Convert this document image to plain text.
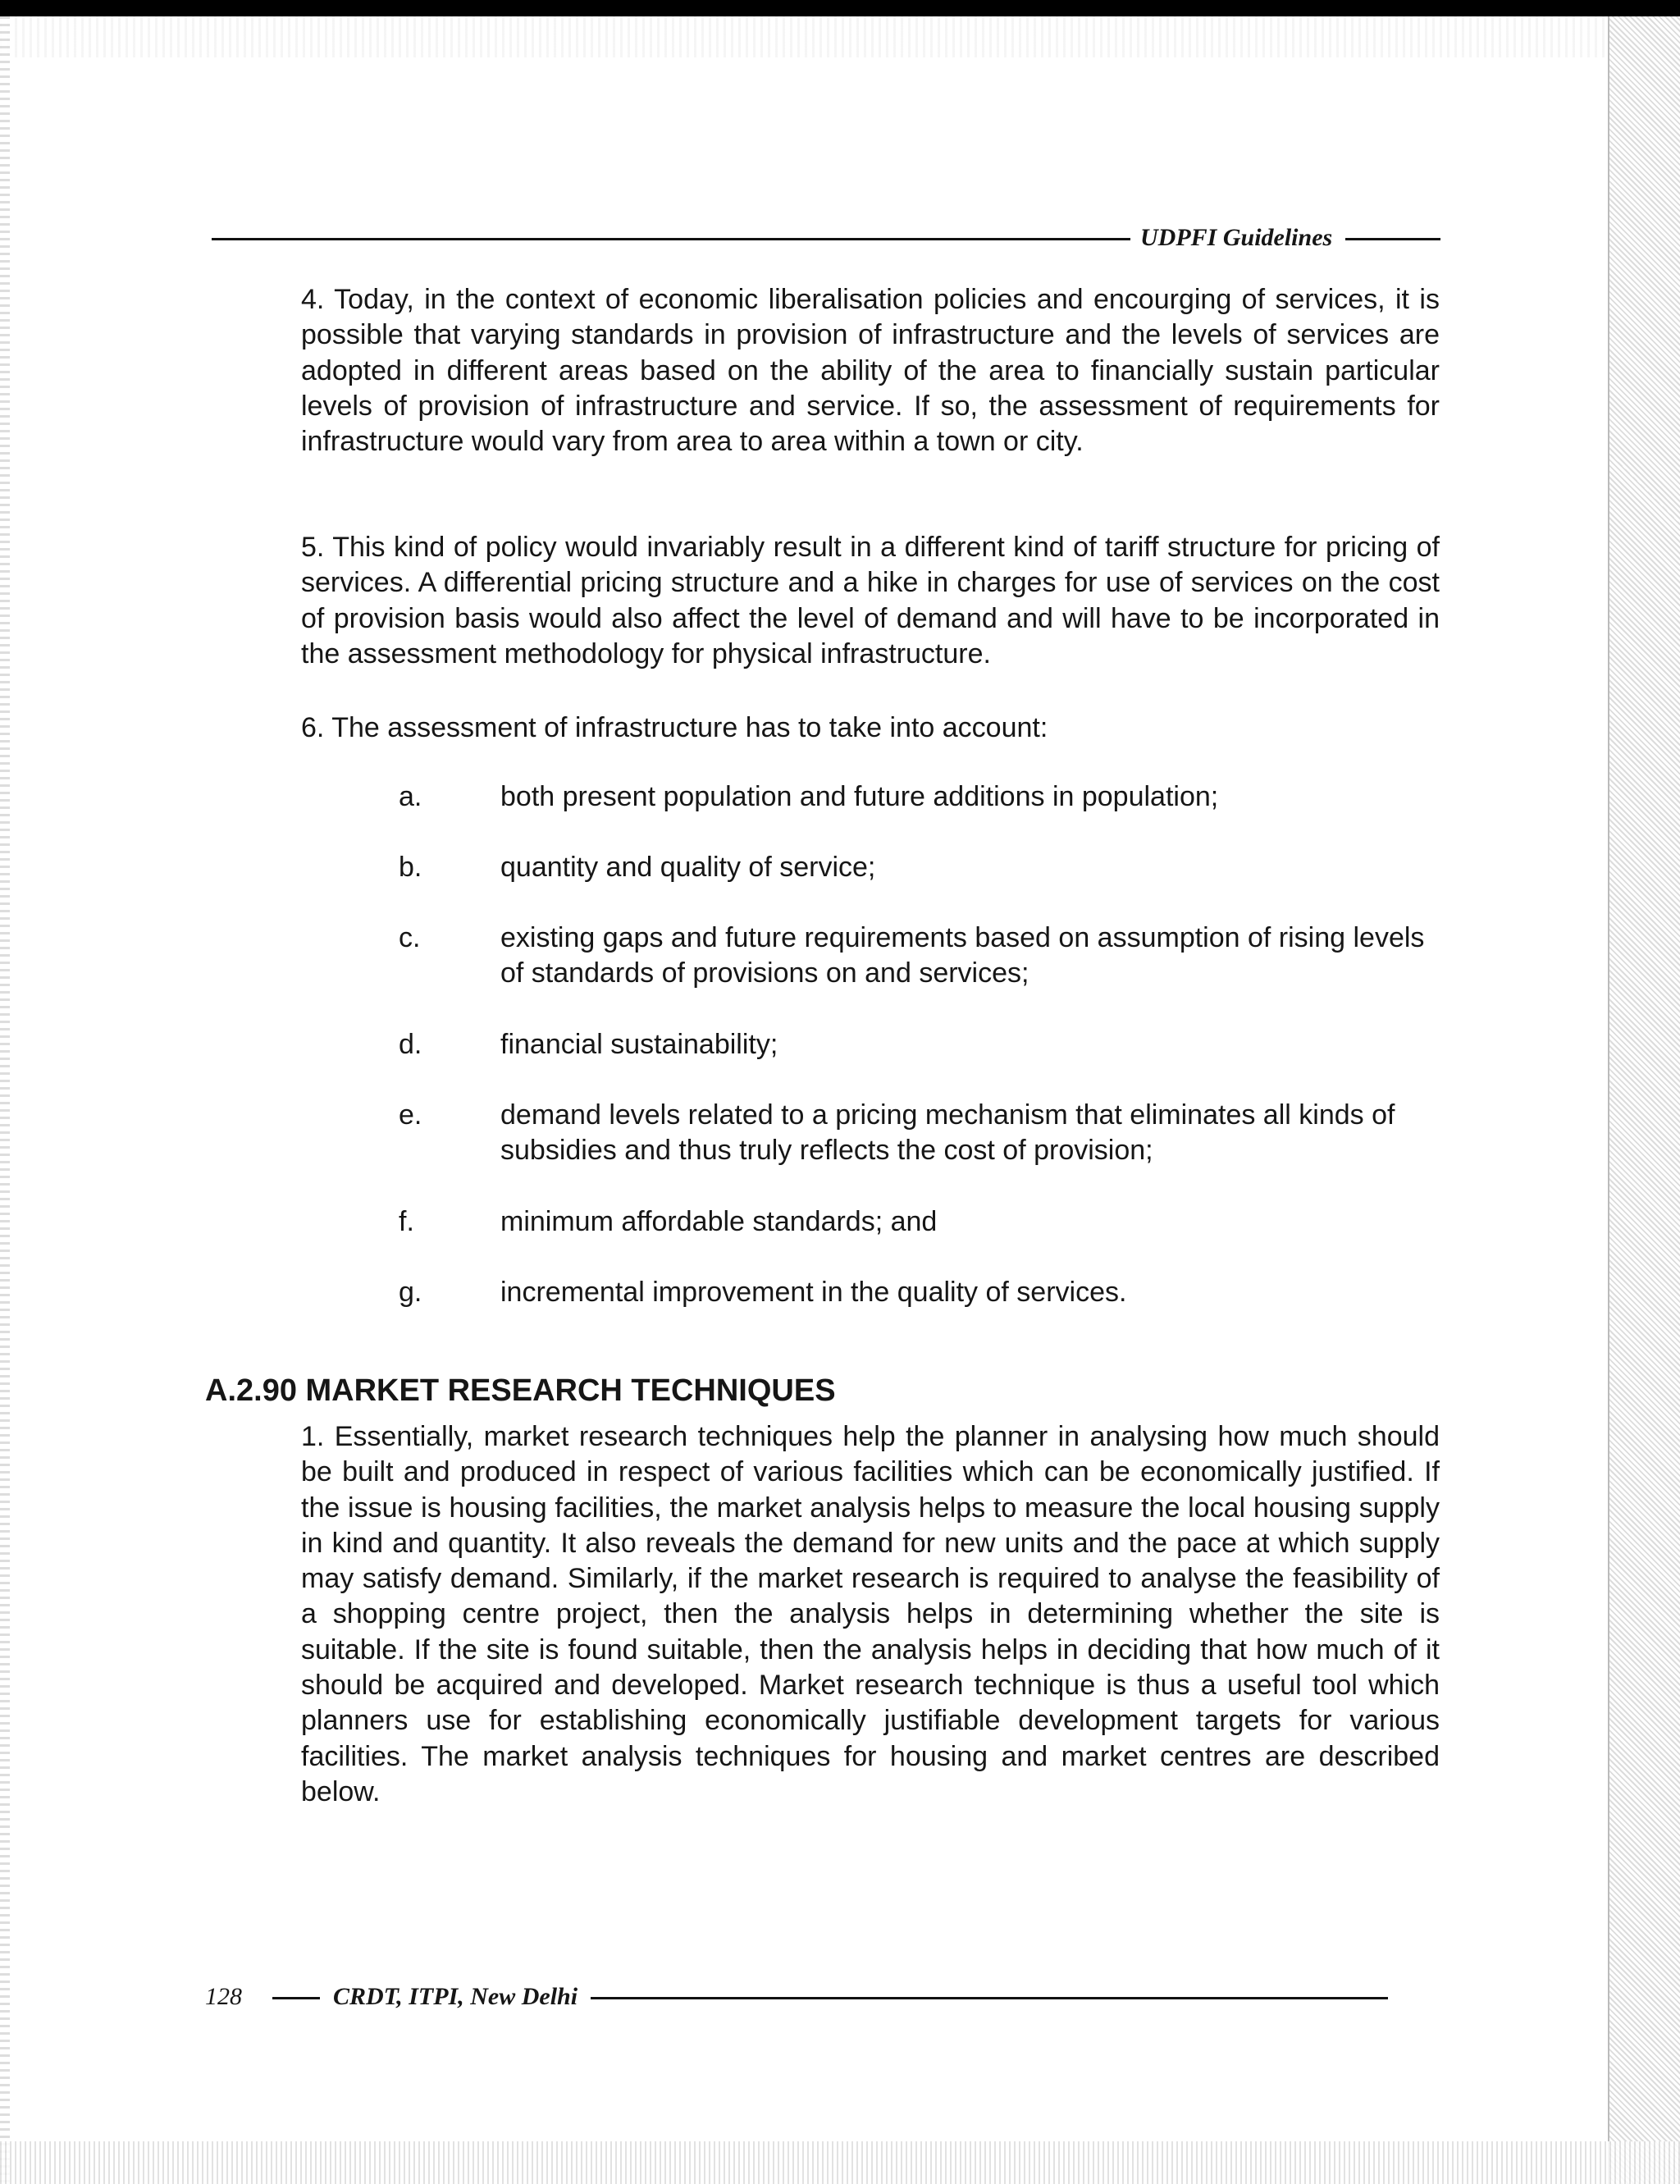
UDPFI Guidelines

4. Today, in the context of economic liberalisation policies and encourging of services, it is possible that varying standards in provision of infrastructure and the levels of services are adopted in different areas based on the ability of the area to financially sustain particular levels of provision of infrastructure and service. If so, the assessment of requirements for infrastructure would vary from area to area within a town or city.

5. This kind of policy would invariably result in a different kind of tariff structure for pricing of services. A differential pricing structure and a hike in charges for use of services on the cost of provision basis would also affect the level of demand and will have to be incorporated in the assessment methodology for physical infrastructure.

6. The assessment of infrastructure has to take into account:

a.	both present population and future additions in population;
b.	quantity and quality of service;
c.	existing gaps and future requirements based on assumption of rising levels of standards of provisions on and services;
d.	financial sustainability;
e.	demand levels related to a pricing mechanism that eliminates all kinds of subsidies and thus truly reflects the cost of provision;
f.	minimum affordable standards; and
g.	incremental improvement in the quality of services.
A.2.90 MARKET RESEARCH TECHNIQUES

1. Essentially, market research techniques help the planner in analysing how much should be built and produced in respect of various facilities which can be economically justified. If the issue is housing facilities, the market analysis helps to measure the local housing supply in kind and quantity. It also reveals the demand for new units and the pace at which supply may satisfy demand. Similarly, if the market research is required to analyse the feasibility of a shopping centre project, then the analysis helps in determining whether the site is suitable. If the site is found suitable, then the analysis helps in deciding that how much of it should be acquired and developed. Market research technique is thus a useful tool which planners use for establishing economically justifiable development targets for various facilities. The market analysis techniques for housing and market centres are described below.

128	CRDT, ITPI, New Delhi
